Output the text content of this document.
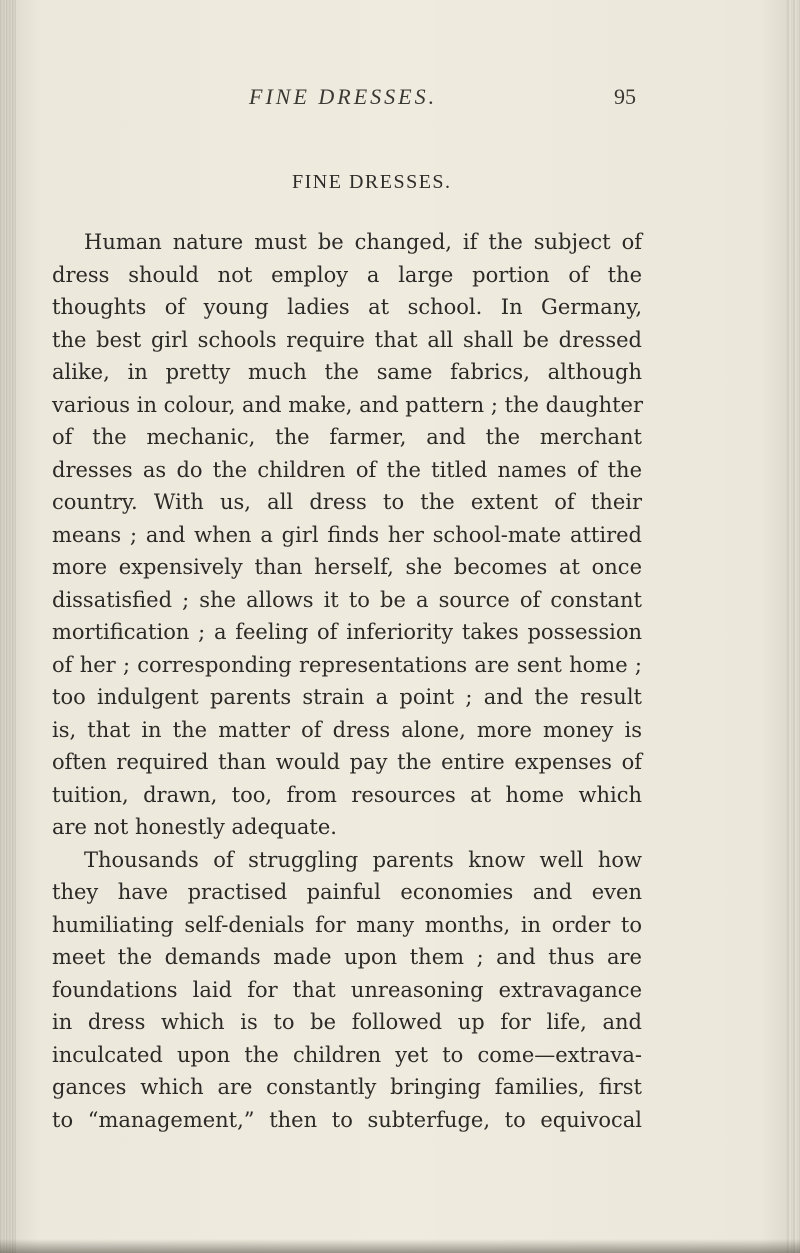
FINE DRESSES.	95
FINE DRESSES.
Human nature must be changed, if the subject of
dress should not employ a large portion of the
thoughts of young ladies at school. In Germany,
the best girl schools require that all shall be dressed
alike, in pretty much the same fabrics, although
various in colour, and make, and pattern ; the daughter
of the mechanic, the farmer, and the merchant
dresses as do the children of the titled names of the
country. With us, all dress to the extent of their
means ; and when a girl finds her school-mate attired
more expensively than herself, she becomes at once
dissatisfied ; she allows it to be a source of constant
mortification ; a feeling of inferiority takes possession
of her ; corresponding representations are sent home ;
too indulgent parents strain a point ; and the result
is, that in the matter of dress alone, more money is
often required than would pay the entire expenses of
tuition, drawn, too, from resources at home which
are not honestly adequate.
Thousands of struggling parents know well how
they have practised painful economies and even
humiliating self-denials for many months, in order to
meet the demands made upon them ; and thus are
foundations laid for that unreasoning extravagance
in dress which is to be followed up for life, and
inculcated upon the children yet to come—extrava-
gances which are constantly bringing families, first
to “management,” then to subterfuge, to equivocal
